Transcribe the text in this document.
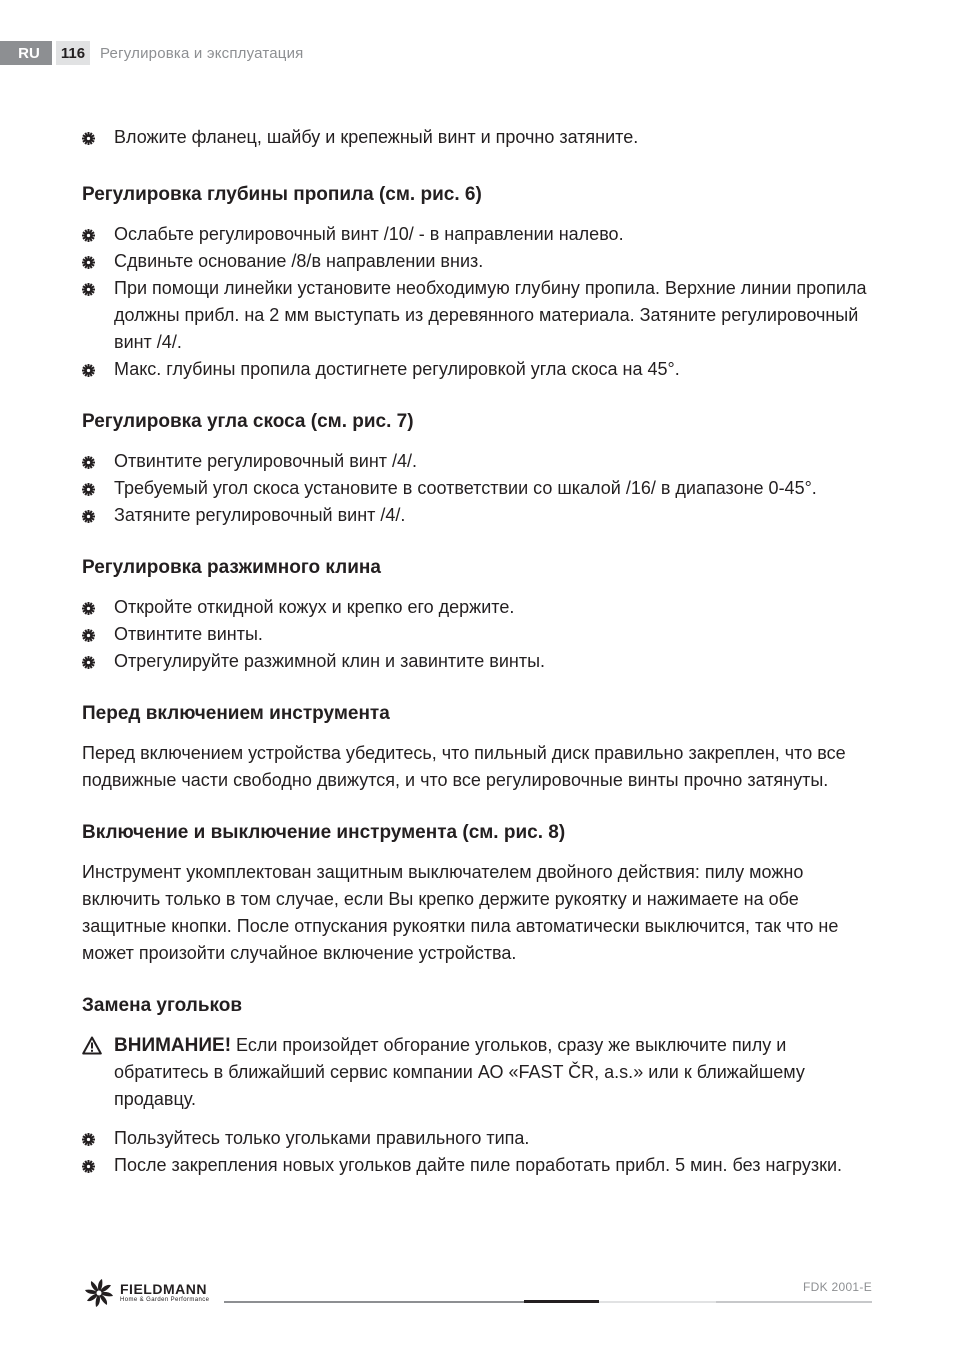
RU	116 Регулировка и эксплуатация
Вложите фланец, шайбу и крепежный винт и прочно затяните.
Регулировка глубины пропила (см. рис. 6)
Ослабьте регулировочный винт /10/ - в направлении налево.
Сдвиньте основание /8/в направлении вниз.
При помощи линейки установите необходимую глубину пропила. Верхние линии пропила должны прибл. на 2 мм выступать из деревянного материала. Затяните регулировочный винт /4/.
Макс. глубины пропила достигнете регулировкой угла скоса на 45°.
Регулировка угла скоса (см. рис. 7)
Отвинтите регулировочный винт /4/.
Требуемый угол скоса установите в соответствии со шкалой /16/ в диапазоне 0-45°.
Затяните регулировочный винт /4/.
Регулировка разжимного клина
Откройте откидной кожух и крепко его держите.
Отвинтите винты.
Отрегулируйте разжимной клин и завинтите винты.
Перед включением инструмента

Перед включением устройства убедитесь, что пильный диск правильно закреплен, что все подвижные части свободно движутся, и что все регулировочные винты прочно затянуты.

Включение и выключение инструмента (см. рис. 8)

Инструмент укомплектован защитным выключателем двойного действия: пилу можно включить только в том случае, если Вы крепко держите рукоятку и нажимаете на обе защитные кнопки. После отпускания рукоятки пила автоматически выключится, так что не может произойти случайное включение устройства.

Замена угольков
ВНИМАНИЕ! Если произойдет обгорание угольков, сразу же выключите пилу и обратитесь в ближайший сервис компании АО «FAST ČR, a.s.» или к ближайшему продавцу.
Пользуйтесь только угольками правильного типа.
После закрепления новых угольков дайте пиле поработать прибл. 5 мин. без нагрузки.
FIELDMANN
Home & Garden Performance
FDK 2001-E
